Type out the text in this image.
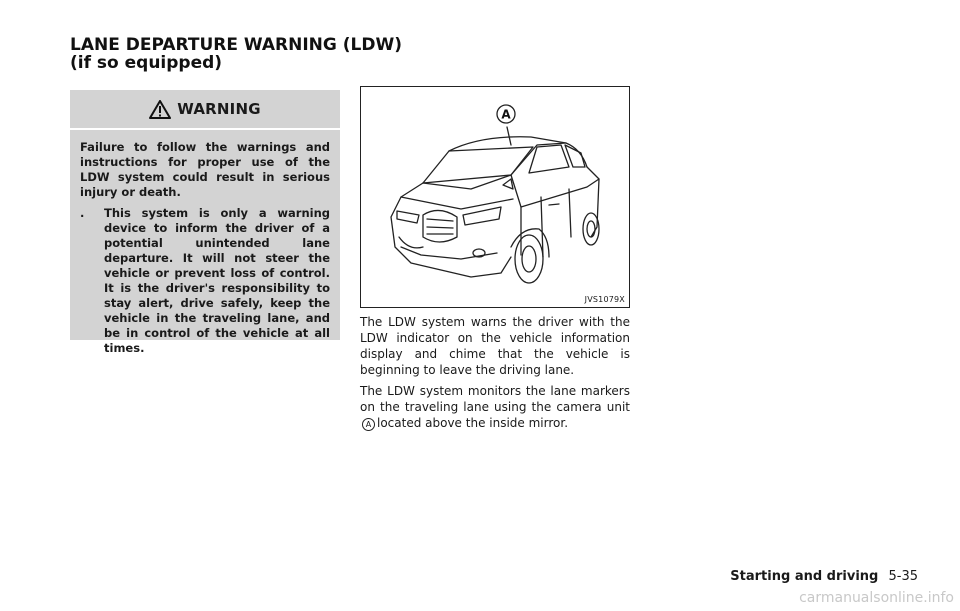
LANE DEPARTURE WARNING (LDW)
(if so equipped)
WARNING

Failure to follow the warnings and instructions for proper use of the LDW system could result in serious injury or death.

.	This system is only a warning device to inform the driver of a potential unintended lane departure. It will not steer the vehicle or prevent loss of control. It is the driver's responsibility to stay alert, drive safely, keep the vehicle in the traveling lane, and be in control of the vehicle at all times.
A
JVS1079X

The LDW system warns the driver with the LDW indicator on the vehicle information display and chime that the vehicle is beginning to leave the driving lane.

The LDW system monitors the lane markers on the traveling lane using the camera unitA located above the inside mirror.

Starting and driving 5-35
carmanualsonline.info
